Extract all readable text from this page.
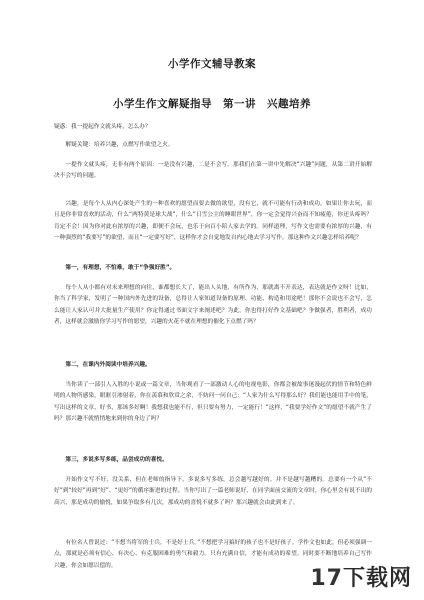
小学作文辅导教案
小学生作文解疑指导　第一讲　兴趣培养

疑惑：我一提起作文就头疼，怎么办？

解疑关键：培养兴趣，点燃写作欲望之火。

一提作文就头疼，无非有两个原因：一是没有兴趣，二是不会写。那我们在第一讲中先解决“兴趣”问题，从第二讲开始解决不会写的问题。

兴趣，是每个人从内心深处产生的一种喜欢的愿望而要去做的欲望，没有它，就不可能有行动和成功。如果让你去玩，而且是你非常喜欢的活动，什么“两特黄是球大战”，什么“日雪公主的睡眼世界”，你一定会觉得兴奋而不知疲倦，你还头疼吗？肯定不会！因为你对此有浓厚的兴趣，即便不会玩，也乐于向百小陪人家去学的。同样道理，写作文也需要有浓厚的兴趣，有一种强烈的“我要写”的欲望，而且“一定要写好”，这样你才会自觉地发自内心地去学习写作。那这种作文兴趣怎样培养呢？

第一，有理想，不怕难，敢于“争强好胜”。

每个人从小都有对未来理想的向往，谁都想长大了，能出人头地，有所作为，那就离不开表达，表达就是作文呀！比如，你当了科学家，发明了一种国内外先进的设备，总得让人家知道设备的原理、功能、构造和用途吧！那你不会说也不会写，怎么能让人家认可并大批量生产使用？你定得通过书面文字来阐述吧？为此，你也得打好作文基础吧？争做强者，胜利者，成功者，这样就会激励你学习写作的愿望，兴趣的火花不就在理想的催化下点燃了吗？

第二，在课内外阅读中培养兴趣。

当你读了一部引人入胜的小说或一篇文章，当你观看了一部激动人心的电视电影，你都会被故事迷漫起伏的情节和特色鲜明的人物所感染，眼眶引渗射着，你在羡慕和欣赏之余，不妨问一问自己：“人家为什么写得那么好？我们能也能用手中的笔，写出这样的文章，好书，那该多好啊！我想我也能不行，但只要有努力，一定能行！”这样，“我要学好作文”的愿望不就产生了吗？那兴趣不就悄悄地来到你的身边了吗？

第三，多说多写多练，品尝成功的喜悦。

开始作文写不好，没关系，但在老师的指导下，多说多写多练，总会越写越好的。并不是越写越糟的。总要有一个从“不好”到“较好”再到“好”、“更好”的循序渐进的过程。当你写出了一篇老师说好，在同学面前交流的文章时，你心里会有说不出的高兴，那是成功的愉悦，如果争取多有几次，那成功的喜悦不就多了吗？那兴趣就会由此到来了。

有位名人曾说过：“不想当将军的士兵，不是好士兵。”不想把学习搞好的孩子也不是好孩子。学作文也如此，但必须强调一点，那就是必须有信心、有决心、有克服困难的勇气和毅力。只有充满自信，才能有成功的希望。同时要不断地培养自己写作兴趣，你会如愿以偿的。

17下载网
